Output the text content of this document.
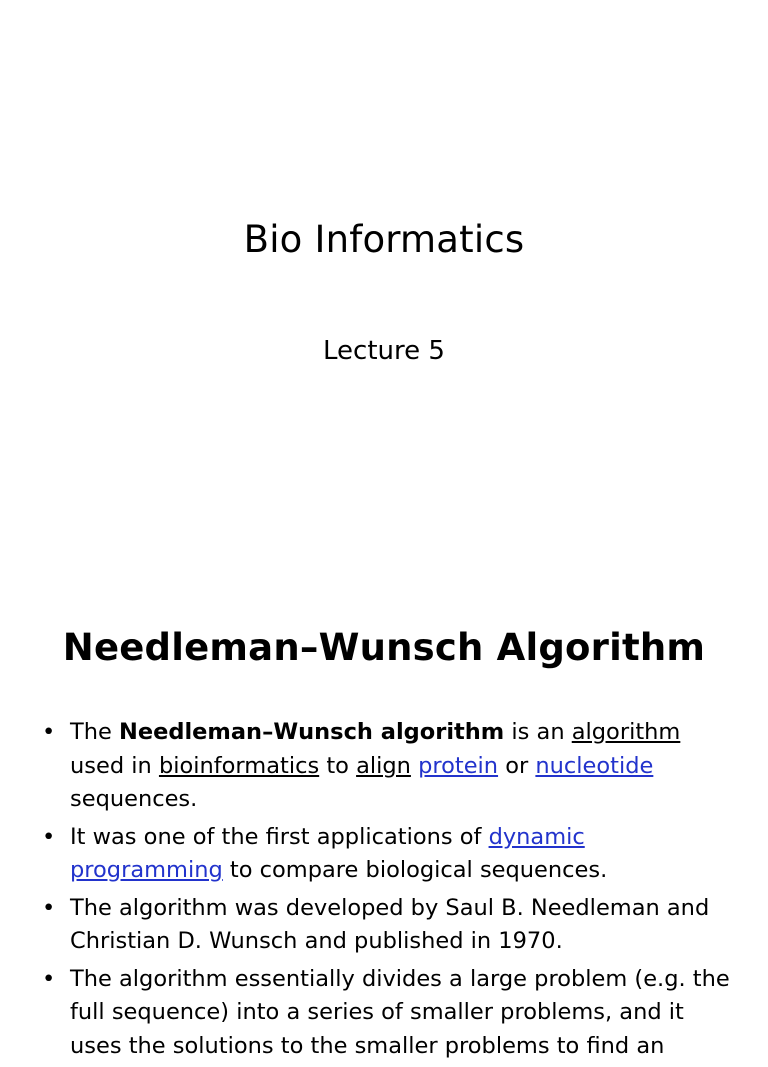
Bio Informatics
Lecture 5
Needleman–Wunsch Algorithm
• The Needleman–Wunsch algorithm is an algorithm used in bioinformatics to align protein or nucleotide sequences.
• It was one of the first applications of dynamic programming to compare biological sequences.
• The algorithm was developed by Saul B. Needleman and Christian D. Wunsch and published in 1970.
• The algorithm essentially divides a large problem (e.g. the full sequence) into a series of smaller problems, and it uses the solutions to the smaller problems to find an
